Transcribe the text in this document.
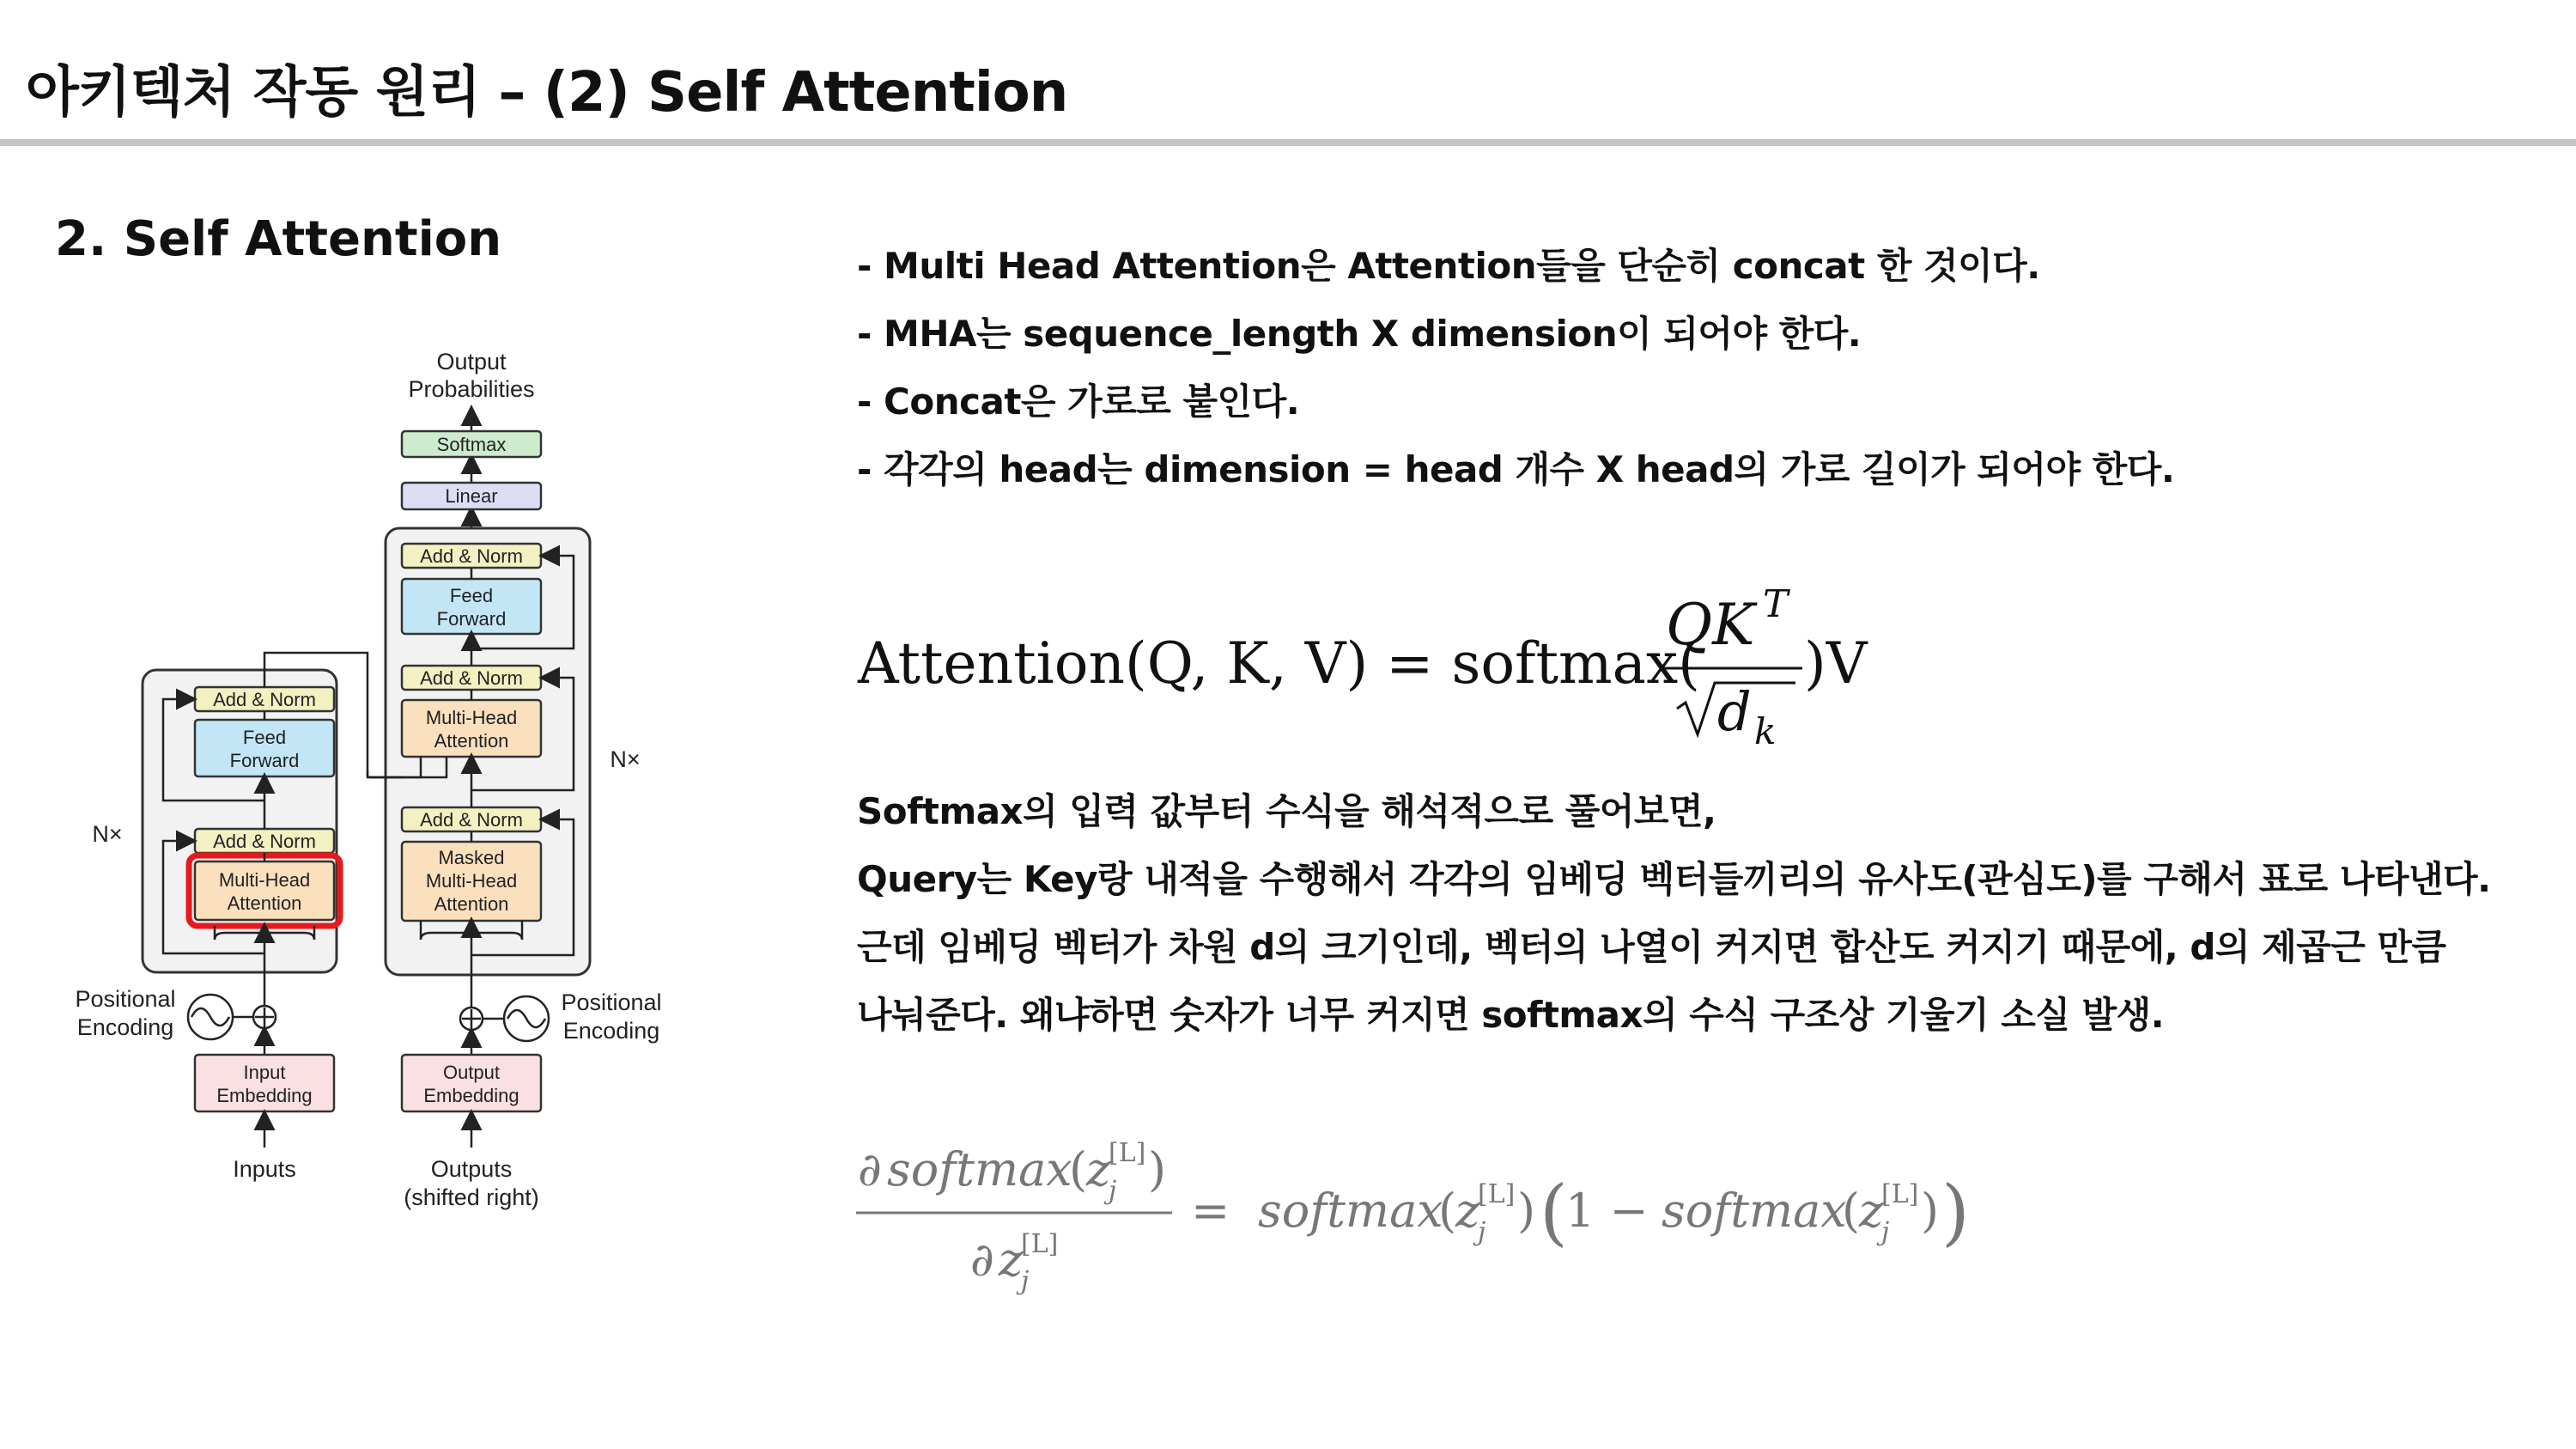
아키텍처 작동 원리 – (2) Self Attention
2. Self Attention
Output
Probabilities
Softmax
Linear
Add & Norm
Feed
Forward
Add & Norm
Multi-Head
Attention
Add & Norm
Masked
Multi-Head
Attention
Add & Norm
Feed
Forward
Add & Norm
Multi-Head
Attention
N×
N×
Positional
Encoding
Positional
Encoding
Input
Embedding
Output
Embedding
Inputs	Outputs
(shifted right)
- Multi Head Attention은 Attention들을 단순히 concat 한 것이다.
- MHA는 sequence_length X dimension이 되어야 한다.
- Concat은 가로로 붙인다.
- 각각의 head는 dimension = head 개수 X head의 가로 길이가 되어야 한다.
Attention(Q, K, V) = softmax(
QK T
d k
)V
Softmax의 입력 값부터 수식을 해석적으로 풀어보면,
Query는 Key랑 내적을 수행해서 각각의 임베딩 벡터들끼리의 유사도(관심도)를 구해서 표로 나타낸다.
근데 임베딩 벡터가 차원 d의 크기인데, 벡터의 나열이 커지면 합산도 커지기 때문에, d의 제곱근 만큼
나눠준다. 왜냐하면 숫자가 너무 커지면 softmax의 수식 구조상 기울기 소실 발생.
∂ softmax
(
z
j
[L] )
∂ z
j
[L]
= softmax
(
z
j
[L] ) (
1 − softmax
(
z
j
[L] ) )
